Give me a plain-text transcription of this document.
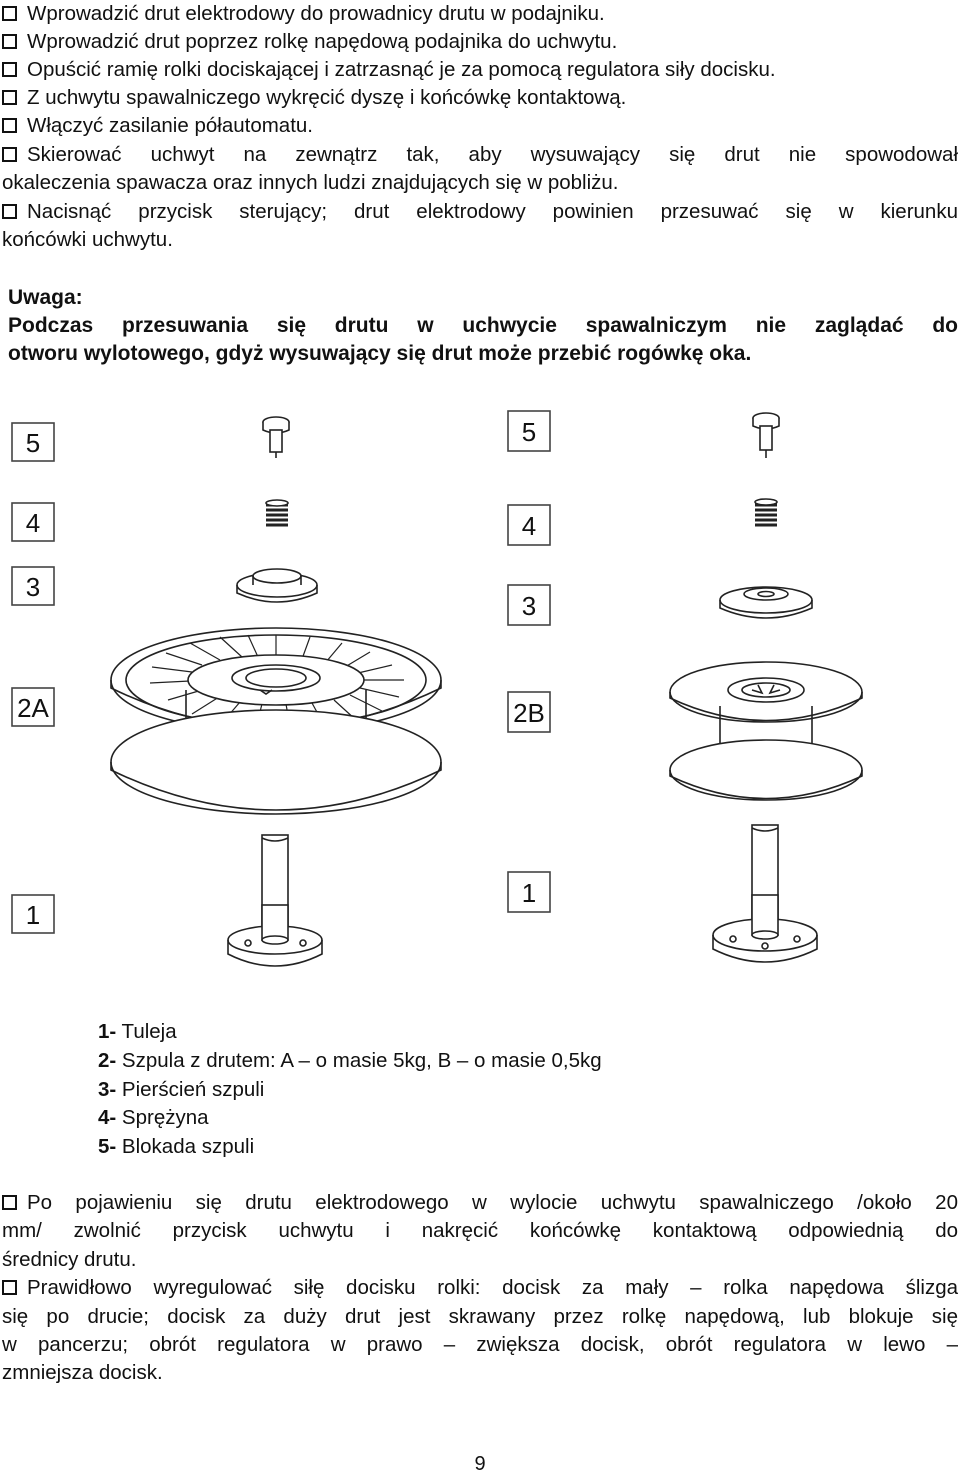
Wprowadzić drut elektrodowy do prowadnicy drutu w podajniku.
Wprowadzić drut poprzez rolkę napędową podajnika do uchwytu.
Opuścić ramię rolki dociskającej i zatrzasnąć je za pomocą regulatora siły docisku.
Z uchwytu spawalniczego wykręcić dyszę i końcówkę kontaktową.
Włączyć zasilanie półautomatu.
Skierować uchwyt na zewnątrz tak, aby wysuwający się drut nie spowodował
okaleczenia spawacza oraz innych ludzi znajdujących się w pobliżu.
Nacisnąć przycisk sterujący; drut elektrodowy powinien przesuwać się w kierunku
końcówki uchwytu.
Uwaga:
Podczas przesuwania się drutu w uchwycie spawalniczym nie zaglądać do
otworu wylotowego, gdyż wysuwający się drut może przebić rogówkę oka.
5
4
3
2A
1
5
4
3
2B
1
1- Tuleja
2- Szpula z drutem: A – o masie 5kg, B – o masie 0,5kg
3- Pierścień szpuli
4- Sprężyna
5- Blokada szpuli
Po pojawieniu się drutu elektrodowego w wylocie uchwytu spawalniczego /około 20
mm/ zwolnić przycisk uchwytu i nakręcić końcówkę kontaktową odpowiednią do
średnicy drutu.
Prawidłowo wyregulować siłę docisku rolki: docisk za mały – rolka napędowa ślizga
się po drucie; docisk za duży drut jest skrawany przez rolkę napędową, lub blokuje się
w pancerzu; obrót regulatora w prawo – zwiększa docisk, obrót regulatora w lewo –
zmniejsza docisk.
9
